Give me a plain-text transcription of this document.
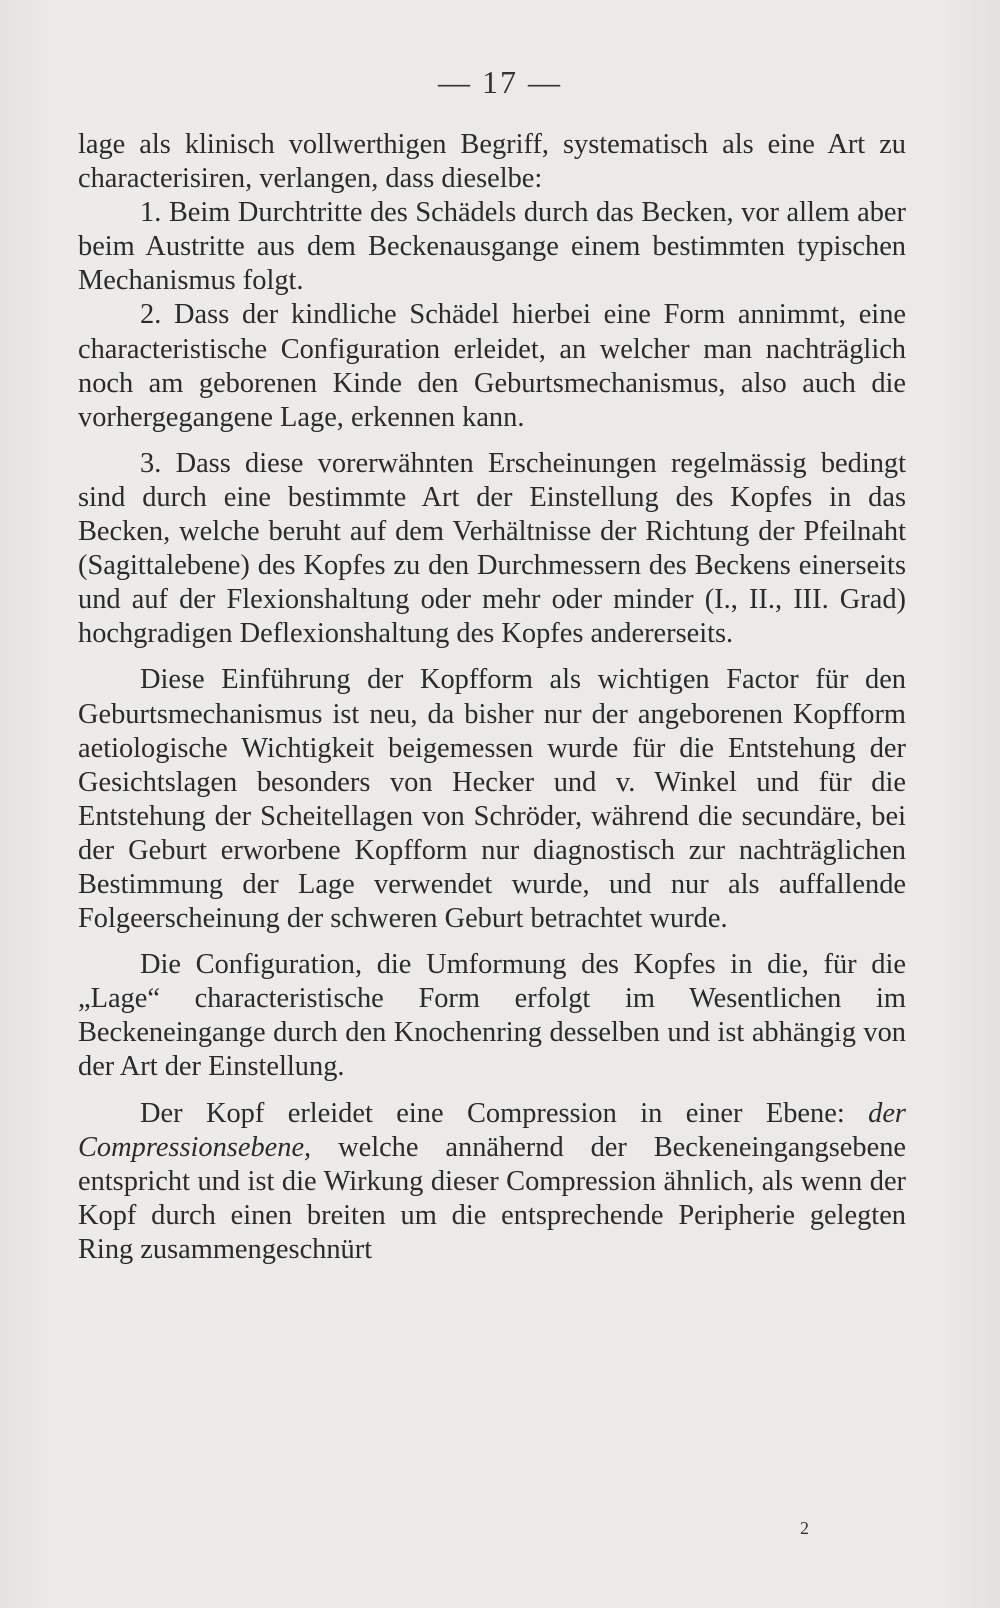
— 17 —

lage als klinisch vollwerthigen Begriff, systematisch als eine Art zu characterisiren, verlangen, dass dieselbe:

1. Beim Durchtritte des Schädels durch das Becken, vor allem aber beim Austritte aus dem Beckenausgange einem bestimmten typischen Mechanismus folgt.

2. Dass der kindliche Schädel hierbei eine Form annimmt, eine characteristische Configuration erleidet, an welcher man nachträglich noch am geborenen Kinde den Geburtsmechanismus, also auch die vorhergegangene Lage, erkennen kann.

3. Dass diese vorerwähnten Erscheinungen regelmässig bedingt sind durch eine bestimmte Art der Einstellung des Kopfes in das Becken, welche beruht auf dem Verhältnisse der Richtung der Pfeilnaht (Sagittalebene) des Kopfes zu den Durchmessern des Beckens einerseits und auf der Flexionshaltung oder mehr oder minder (I., II., III. Grad) hochgradigen Deflexionshaltung des Kopfes andererseits.

Diese Einführung der Kopfform als wichtigen Factor für den Geburtsmechanismus ist neu, da bisher nur der angeborenen Kopfform aetiologische Wichtigkeit beigemessen wurde für die Entstehung der Gesichtslagen besonders von Hecker und v. Winkel und für die Entstehung der Scheitellagen von Schröder, während die secundäre, bei der Geburt erworbene Kopfform nur diagnostisch zur nachträglichen Bestimmung der Lage verwendet wurde, und nur als auffallende Folgeerscheinung der schweren Geburt betrachtet wurde.

Die Configuration, die Umformung des Kopfes in die, für die „Lage“ characteristische Form erfolgt im Wesentlichen im Beckeneingange durch den Knochenring desselben und ist abhängig von der Art der Einstellung.

Der Kopf erleidet eine Compression in einer Ebene: der Compressionsebene, welche annähernd der Beckeneingangsebene entspricht und ist die Wirkung dieser Compression ähnlich, als wenn der Kopf durch einen breiten um die entsprechende Peripherie gelegten Ring zusammengeschnürt

2
